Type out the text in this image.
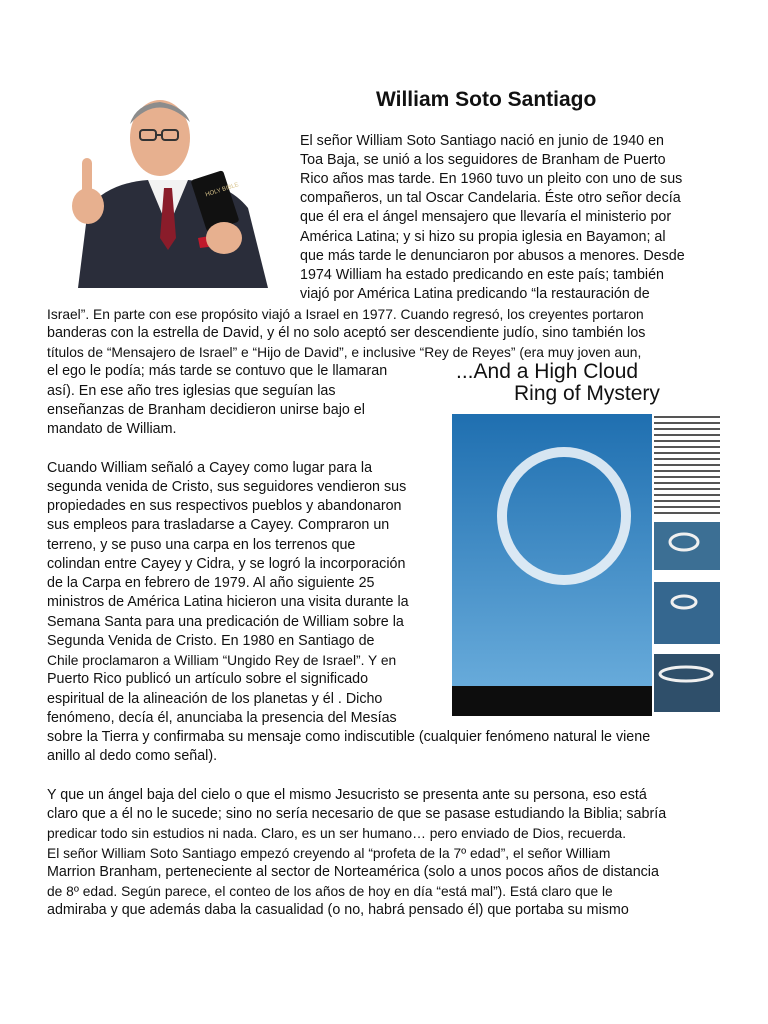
William Soto Santiago
HOLY BIBLE
...And a High Cloud
Ring of Mystery

El señor William Soto Santiago nació en junio de 1940 en

Toa Baja, se unió a los seguidores de Branham de Puerto

Rico años mas tarde. En 1960 tuvo un pleito con uno de sus

compañeros, un tal Oscar Candelaria. Éste otro señor decía

que él era el ángel mensajero que llevaría el ministerio por

América Latina; y si hizo su propia iglesia en Bayamon; al

que más tarde le denunciaron por abusos a menores. Desde

1974 William ha estado predicando en este país; también

viajó por América Latina predicando “la restauración de

Israel”. En parte con ese propósito viajó a Israel en 1977. Cuando regresó, los creyentes portaron

banderas con la estrella de David, y él no solo aceptó ser descendiente judío, sino también los

títulos de “Mensajero de Israel” e “Hijo de David”, e inclusive “Rey de Reyes” (era muy joven aun,

el ego le podía; más tarde se contuvo que le llamaran

así). En ese año tres iglesias que seguían las

enseñanzas de Branham decidieron unirse bajo el

mandato de William.

Cuando William señaló a Cayey como lugar para la

segunda venida de Cristo, sus seguidores vendieron sus

propiedades en sus respectivos pueblos y abandonaron

sus empleos para trasladarse a Cayey. Compraron un

terreno, y se puso una carpa en los terrenos que

colindan entre Cayey y Cidra, y se logró la incorporación

de la Carpa en febrero de 1979. Al año siguiente 25

ministros de América Latina hicieron una visita durante la

Semana Santa para una predicación de William sobre la

Segunda Venida de Cristo. En 1980 en Santiago de

Chile proclamaron a William “Ungido Rey de Israel”. Y en

Puerto Rico publicó un artículo sobre el significado

espiritual de la alineación de los planetas y él . Dicho

fenómeno, decía él, anunciaba la presencia del Mesías

sobre la Tierra y confirmaba su mensaje como indiscutible (cualquier fenómeno natural le viene

anillo al dedo como señal).

Y que un ángel baja del cielo o que el mismo Jesucristo se presenta ante su persona, eso está

claro que a él no le sucede; sino no sería necesario de que se pasase estudiando la Biblia; sabría

predicar todo sin estudios ni nada. Claro, es un ser humano… pero enviado de Dios, recuerda.

El señor William Soto Santiago empezó creyendo al “profeta de la 7º edad”, el señor William

Marrion Branham, perteneciente al sector de Norteamérica (solo a unos pocos años de distancia

de 8º edad. Según parece, el conteo de los años de hoy en día “está mal”). Está claro que le

admiraba y que además daba la casualidad (o no, habrá pensado él) que portaba su mismo
